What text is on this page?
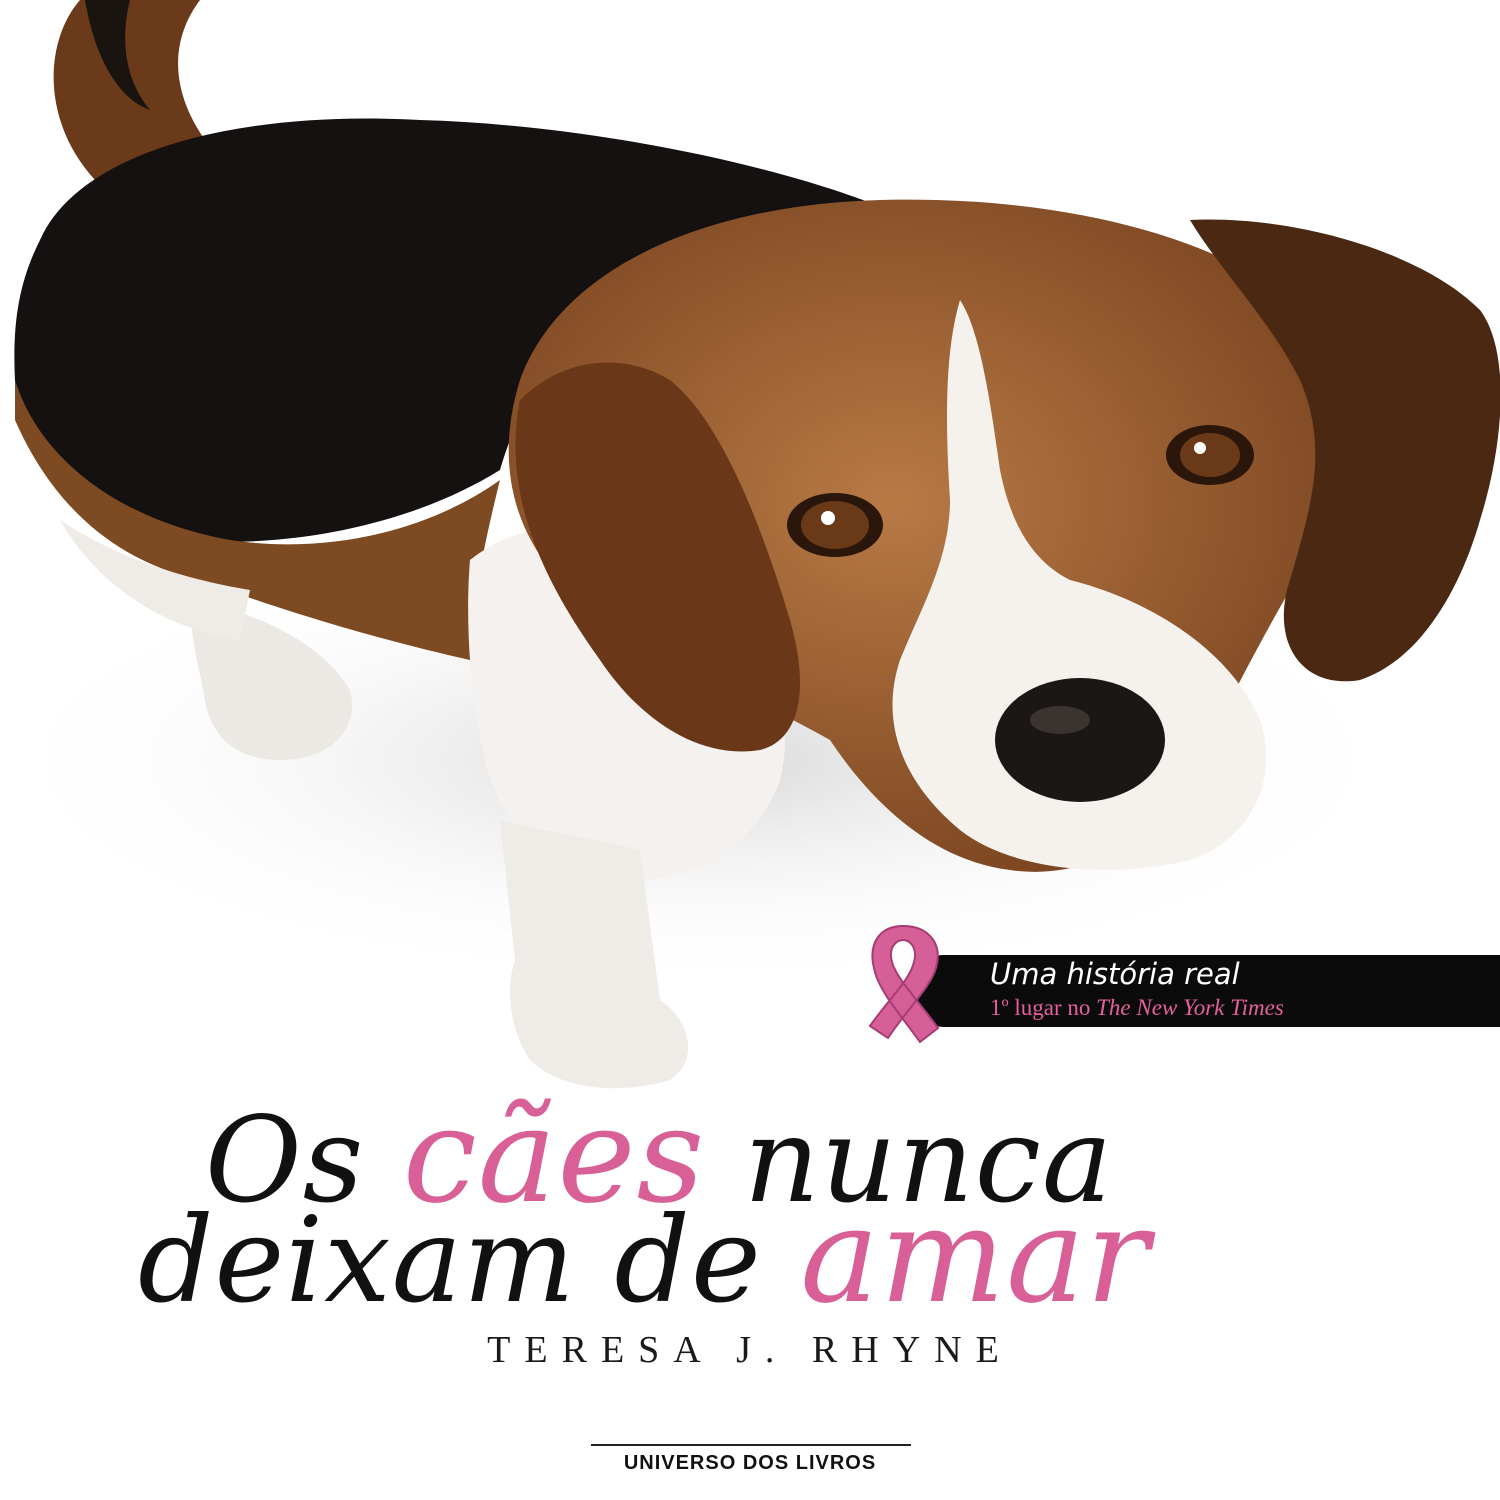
Uma história real
1º lugar no The New York Times
Os cães nunca
deixam de amar
TERESA J. RHYNE
UNIVERSO DOS LIVROS
